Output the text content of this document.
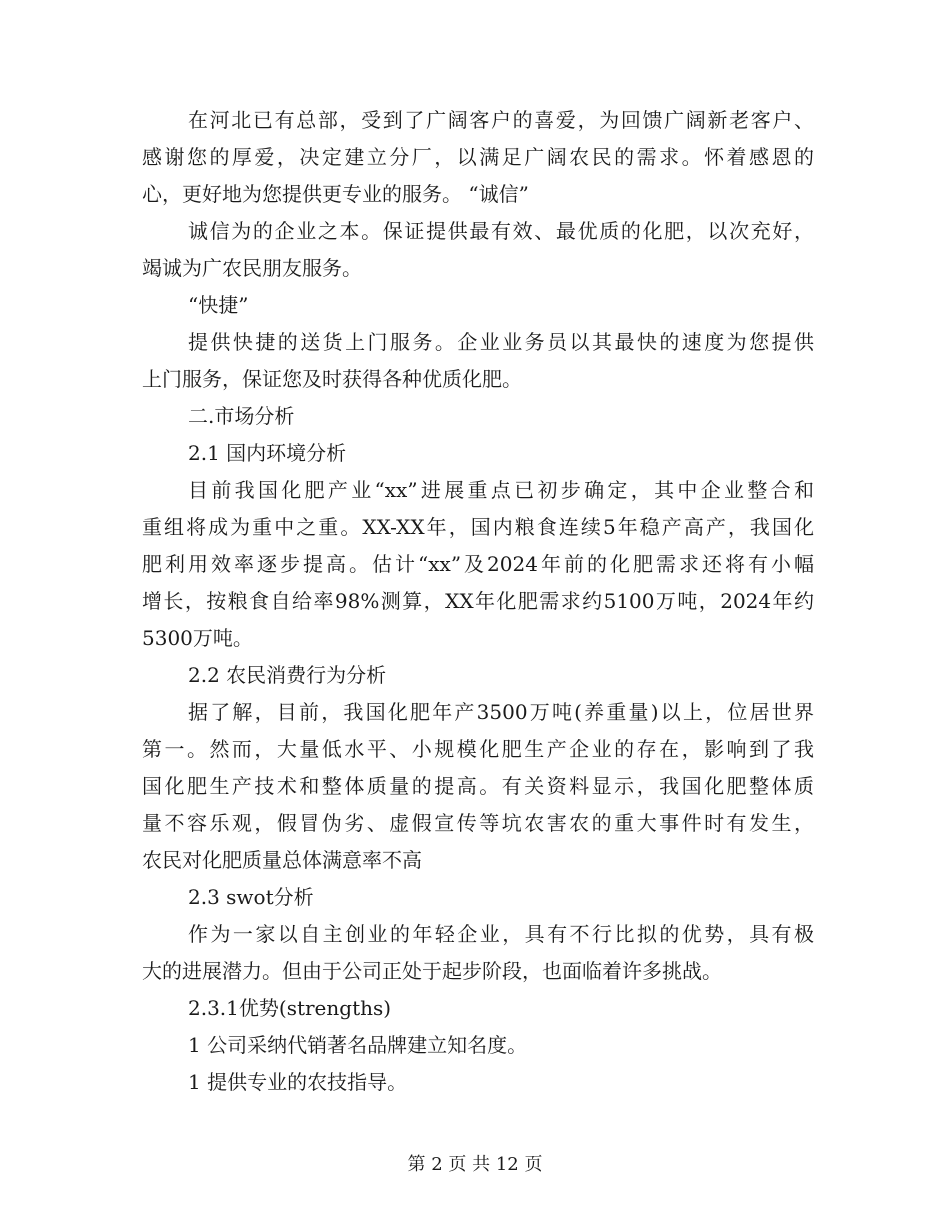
在河北已有总部，受到了广阔客户的喜爱，为回馈广阔新老客户、
感谢您的厚爱，决定建立分厂，以满足广阔农民的需求。怀着感恩的
心，更好地为您提供更专业的服务。 “诚信”
诚信为的企业之本。保证提供最有效、最优质的化肥，以次充好，
竭诚为广农民朋友服务。
“快捷”
提供快捷的送货上门服务。企业业务员以其最快的速度为您提供
上门服务，保证您及时获得各种优质化肥。
二.市场分析
2.1 国内环境分析
目前我国化肥产业“xx”进展重点已初步确定，其中企业整合和
重组将成为重中之重。XX-XX年，国内粮食连续5年稳产高产，我国化
肥利用效率逐步提高。估计“xx”及2024年前的化肥需求还将有小幅
增长，按粮食自给率98%测算，XX年化肥需求约5100万吨，2024年约
5300万吨。
2.2 农民消费行为分析
据了解，目前，我国化肥年产3500万吨(养重量)以上，位居世界
第一。然而，大量低水平、小规模化肥生产企业的存在，影响到了我
国化肥生产技术和整体质量的提高。有关资料显示，我国化肥整体质
量不容乐观，假冒伪劣、虚假宣传等坑农害农的重大事件时有发生，
农民对化肥质量总体满意率不高
2.3 swot分析
作为一家以自主创业的年轻企业，具有不行比拟的优势，具有极
大的进展潜力。但由于公司正处于起步阶段，也面临着许多挑战。
2.3.1优势(strengths)
1 公司采纳代销著名品牌建立知名度。
1 提供专业的农技指导。
第 2 页 共 12 页
